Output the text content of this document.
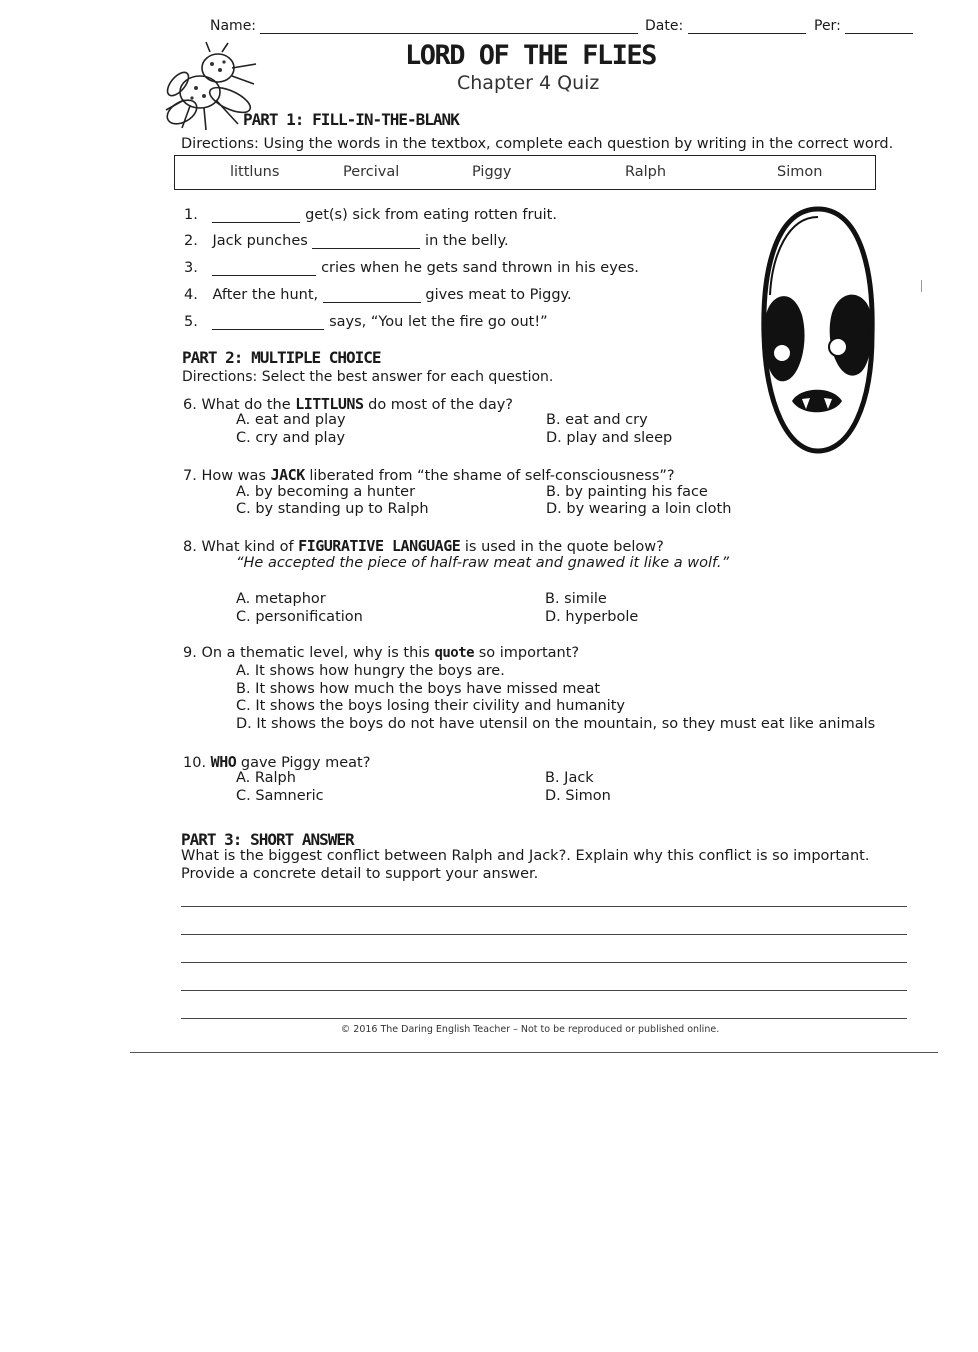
Name:	Date:	Per:
LORD OF THE FLIES
Chapter 4 Quiz
PART 1: FILL-IN-THE-BLANK
Directions: Using the words in the textbox, complete each question by writing in the correct word.
littluns	Percival	Piggy	Ralph	Simon
1.	get(s) sick from eating rotten fruit.
2. Jack punches	in the belly.
3.	cries when he gets sand thrown in his eyes.
4. After the hunt,	gives meat to Piggy.
5.	says, “You let the fire go out!”
PART 2: MULTIPLE CHOICE
Directions: Select the best answer for each question.
6. What do the LITTLUNS do most of the day?
A. eat and play	B. eat and cry
C. cry and play	D. play and sleep
7. How was JACK liberated from “the shame of self-consciousness”?
A. by becoming a hunter	B. by painting his face
C. by standing up to Ralph	D. by wearing a loin cloth
8. What kind of FIGURATIVE LANGUAGE is used in the quote below?
“He accepted the piece of half-raw meat and gnawed it like a wolf.”
A. metaphor	B. simile
C. personification	D. hyperbole
9. On a thematic level, why is this quote so important?
A. It shows how hungry the boys are.
B. It shows how much the boys have missed meat
C. It shows the boys losing their civility and humanity
D. It shows the boys do not have utensil on the mountain, so they must eat like animals
10. WHO gave Piggy meat?
A. Ralph	B. Jack
C. Samneric	D. Simon
PART 3: SHORT ANSWER
What is the biggest conflict between Ralph and Jack?. Explain why this conflict is so important.
Provide a concrete detail to support your answer.
© 2016 The Daring English Teacher – Not to be reproduced or published online.
